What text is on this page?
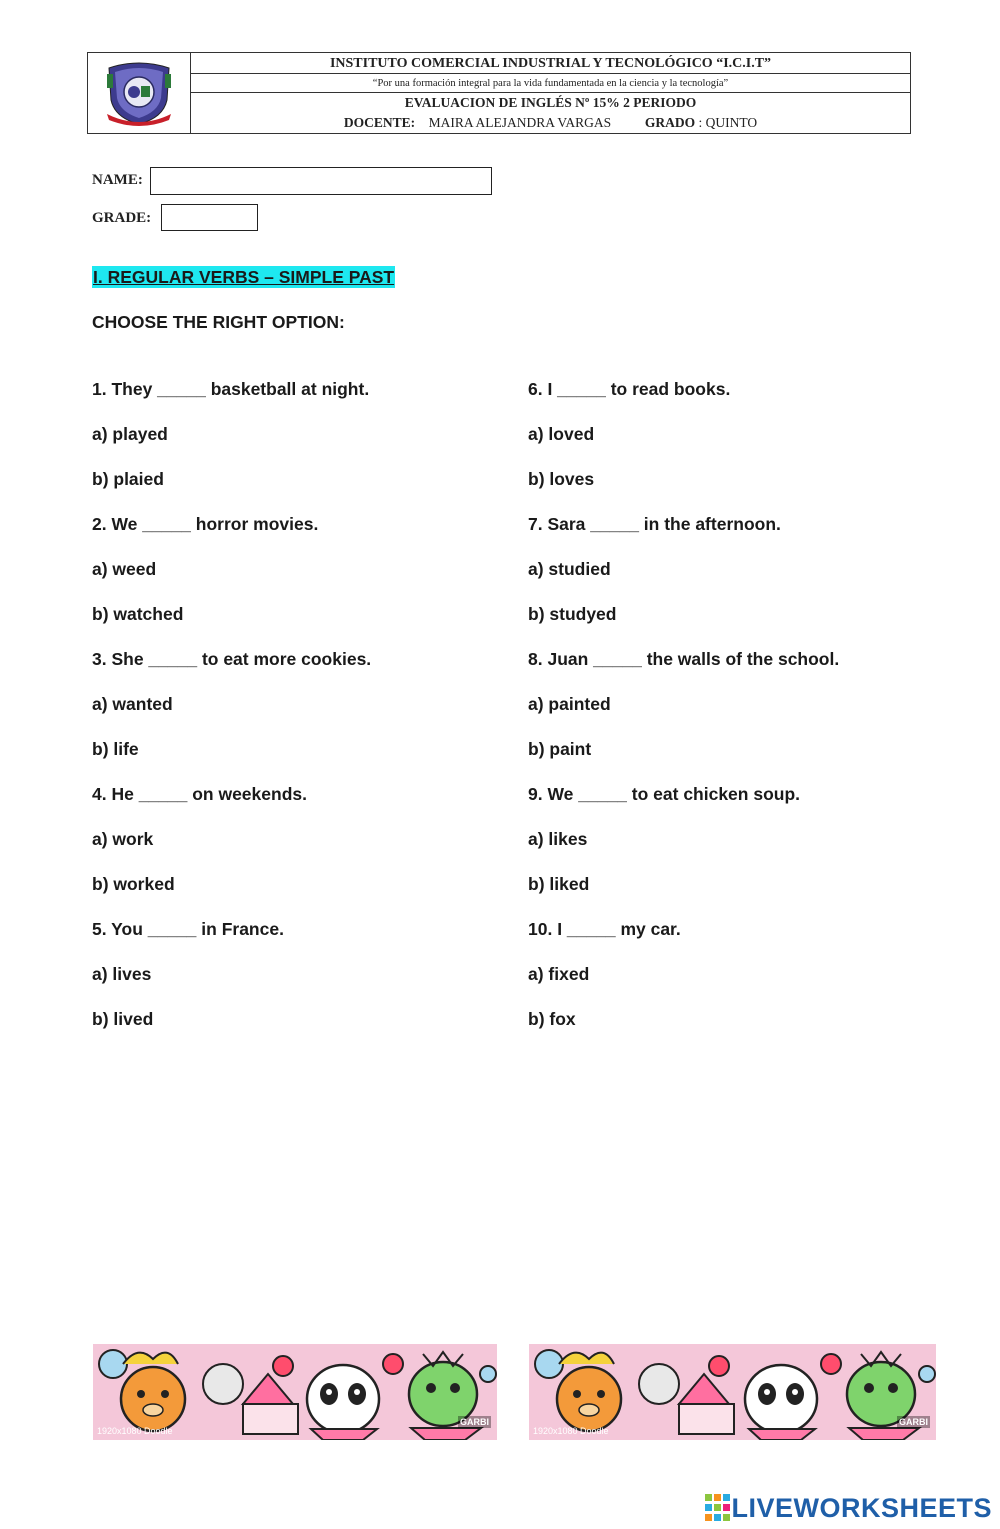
INSTITUTO COMERCIAL INDUSTRIAL Y TECNOLÓGICO “I.C.I.T”
“Por una formación integral para la vida fundamentada en la ciencia y la tecnología”
EVALUACION DE INGLÉS Nº 15% 2 PERIODO
DOCENTE: MAIRA ALEJANDRA VARGAS	GRADO : QUINTO
NAME:
GRADE:
I. REGULAR VERBS – SIMPLE PAST
CHOOSE THE RIGHT OPTION:
1. They _____ basketball at night.
a) played
b) plaied
2. We _____ horror movies.
a) weed
b) watched
3. She _____ to eat more cookies.
a) wanted
b) life
4. He _____ on weekends.
a) work
b) worked
5. You _____ in France.
a) lives
b) lived
6. I _____ to read books.
a) loved
b) loves
7. Sara _____ in the afternoon.
a) studied
b) studyed
8. Juan _____ the walls of the school.
a) painted
b) paint
9. We _____ to eat chicken soup.
a) likes
b) liked
10. I _____ my car.
a) fixed
b) fox
1920x1080 Doodle
GARBI
1920x1080 Doodle
GARBI
LIVEWORKSHEETS
